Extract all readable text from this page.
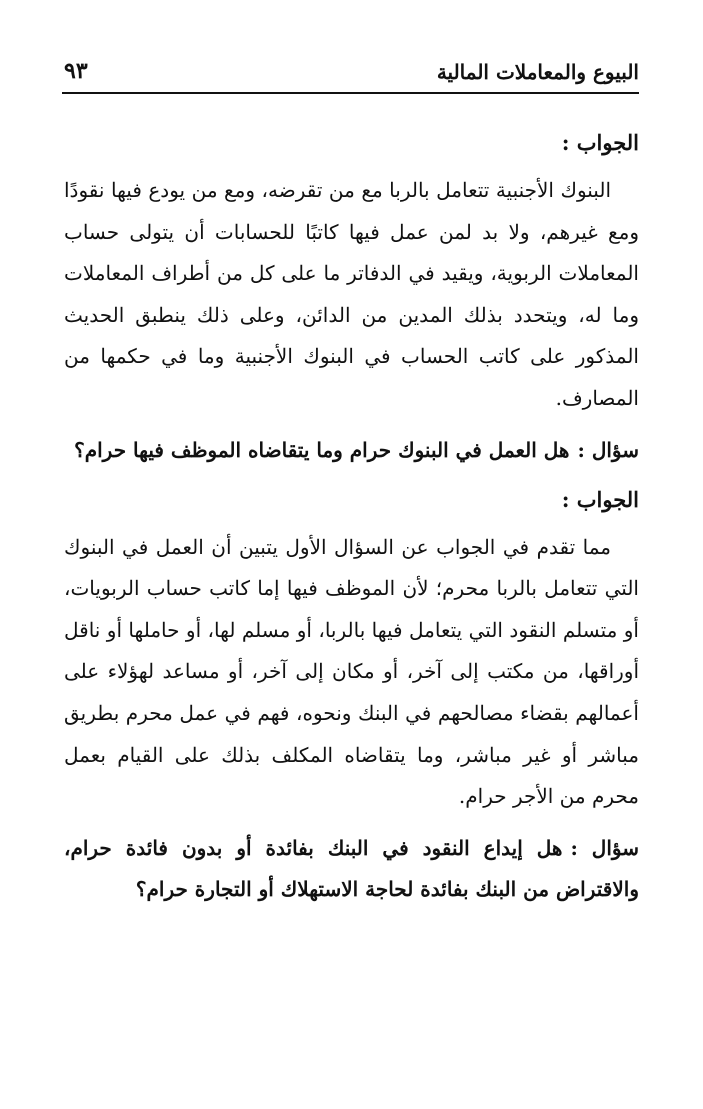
البيوع والمعاملات المالية
٩٣
الجواب :

البنوك الأجنبية تتعامل بالربا مع من تقرضه، ومع من يودع فيها نقودًا ومع غيرهم، ولا بد لمن عمل فيها كاتبًا للحسابات أن يتولى حساب المعاملات الربوية، ويقيد في الدفاتر ما على كل من أطراف المعاملات وما له، ويتحدد بذلك المدين من الدائن، وعلى ذلك ينطبق الحديث المذكور على كاتب الحساب في البنوك الأجنبية وما في حكمها من المصارف.

سؤال :هل العمل في البنوك حرام وما يتقاضاه الموظف فيها حرام؟

الجواب :

مما تقدم في الجواب عن السؤال الأول يتبين أن العمل في البنوك التي تتعامل بالربا محرم؛ لأن الموظف فيها إما كاتب حساب الربويات، أو متسلم النقود التي يتعامل فيها بالربا، أو مسلم لها، أو حاملها أو ناقل أوراقها، من مكتب إلى آخر، أو مكان إلى آخر، أو مساعد لهؤلاء على أعمالهم بقضاء مصالحهم في البنك ونحوه، فهم في عمل محرم بطريق مباشر أو غير مباشر، وما يتقاضاه المكلف بذلك على القيام بعمل محرم من الأجر حرام.

سؤال :هل إيداع النقود في البنك بفائدة أو بدون فائدة حرام، والاقتراض من البنك بفائدة لحاجة الاستهلاك أو التجارة حرام؟
